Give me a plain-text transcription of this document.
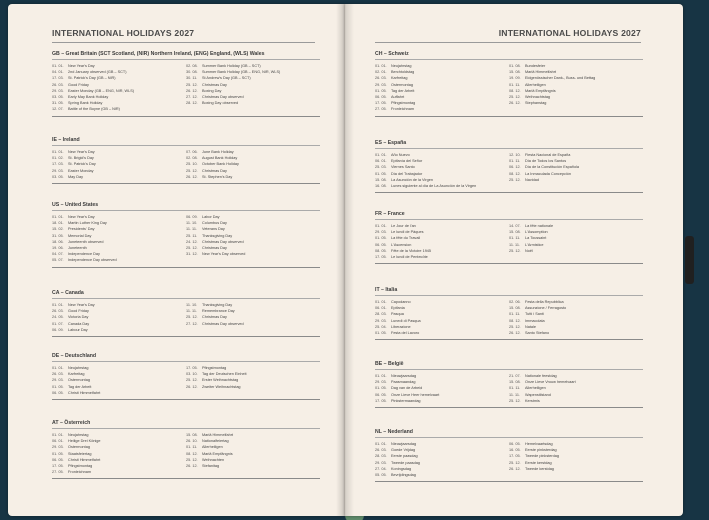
INTERNATIONAL HOLIDAYS 2027
GB – Great Britain (SCT Scotland, (NIR) Northern Ireland, (ENG) England, (WLS) Wales
01. 01.	New Year's Day
04. 01.	2nd January observed (GB – SCT)
17. 03.	St. Patrick's Day (GB – NIR)
26. 03.	Good Friday
29. 03.	Easter Monday (GB – ENG, NIR, WLS)
03. 05.	Early May Bank Holiday
31. 05.	Spring Bank Holiday
12. 07.	Battle of the Boyne (GB – NIR)
02. 08.	Summer Bank Holiday (GB – SCT)
30. 08.	Summer Bank Holiday (GB – ENG, NIR, WLS)
30. 11.	St Andrew's Day (GB – SCT)
25. 12.	Christmas Day
26. 12.	Boxing Day
27. 12.	Christmas Day observed
28. 12.	Boxing Day observed
IE – Ireland
01. 01.	New Year's Day
01. 02.	St. Brigid's Day
17. 03.	St. Patrick's Day
29. 03.	Easter Monday
03. 05.	May Day
07. 06.	June Bank Holiday
02. 08.	August Bank Holiday
25. 10.	October Bank Holiday
25. 12.	Christmas Day
26. 12.	St. Stephen's Day
US – United States
01. 01.	New Year's Day
18. 01.	Martin Luther King Day
15. 02.	Presidents' Day
31. 05.	Memorial Day
18. 06.	Juneteenth observed
19. 06.	Juneteenth
04. 07.	Independence Day
05. 07.	Independence Day observed
06. 09.	Labor Day
11. 10.	Columbus Day
11. 11.	Veterans Day
25. 11.	Thanksgiving Day
24. 12.	Christmas Day observed
25. 12.	Christmas Day
31. 12.	New Year's Day observed
CA – Canada
01. 01.	New Year's Day
26. 03.	Good Friday
24. 05.	Victoria Day
01. 07.	Canada Day
06. 09.	Labour Day
11. 10.	Thanksgiving Day
11. 11.	Remembrance Day
25. 12.	Christmas Day
27. 12.	Christmas Day observed
DE – Deutschland
01. 01.	Neujahrstag
26. 03.	Karfreitag
29. 03.	Ostermontag
01. 05.	Tag der Arbeit
06. 05.	Christi Himmelfahrt
17. 05.	Pfingstmontag
03. 10.	Tag der Deutschen Einheit
25. 12.	Erster Weihnachtstag
26. 12.	Zweiter Weihnachtstag
AT – Österreich
01. 01.	Neujahrstag
06. 01.	Heilige Drei Könige
29. 03.	Ostermontag
01. 05.	Staatsfeiertag
06. 05.	Christi Himmelfahrt
17. 05.	Pfingstmontag
27. 05.	Fronleichnam
15. 08.	Mariä Himmelfahrt
26. 10.	Nationalfeiertag
01. 11.	Allerheiligen
08. 12.	Mariä Empfängnis
25. 12.	Weihnachten
26. 12.	Stefanitag
INTERNATIONAL HOLIDAYS 2027
CH – Schweiz
01. 01.	Neujahrstag
02. 01.	Berchtoldstag
26. 03.	Karfreitag
29. 03.	Ostermontag
01. 05.	Tag der Arbeit
06. 05.	Auffahrt
17. 05.	Pfingstmontag
27. 05.	Fronleichnam
01. 08.	Bundesfeier
15. 08.	Mariä Himmelfahrt
19. 09.	Eidgenössischer Dank-, Buss- und Bettag
01. 11.	Allerheiligen
08. 12.	Mariä Empfängnis
25. 12.	Weihnachtstag
26. 12.	Stephanstag
ES – España
01. 01.	Año Nuevo
06. 01.	Epifanía del Señor
25. 03.	Viernes Santo
01. 05.	Día del Trabajador
15. 08.	La Asunción de la Virgen
16. 08.	Lunes siguiente al día de La Asunción de la Virgen
12. 10.	Fiesta Nacional de España
01. 11.	Día de Todos los Santos
06. 12.	Día de la Constitución Española
08. 12.	La Inmaculada Concepción
25. 12.	Navidad
FR – France
01. 01.	Le Jour de l'an
29. 03.	Le lundi de Pâques
01. 05.	La fête du Travail
06. 05.	L'Ascension
08. 05.	Fête de la Victoire 1945
17. 05.	Le lundi de Pentecôte
14. 07.	La fête nationale
15. 08.	L'Assomption
01. 11.	La Toussaint
11. 11.	L'Armistice
25. 12.	Noël
IT – Italia
01. 01.	Capodanno
06. 01.	Epifania
28. 03.	Pasqua
29. 03.	Lunedì di Pasqua
25. 04.	Liberazione
01. 05.	Festa del Lavoro
02. 06.	Festa della Repubblica
15. 08.	Assunzione / Ferragosto
01. 11.	Tutti i Santi
08. 12.	Immacolata
25. 12.	Natale
26. 12.	Santo Stefano
BE – België
01. 01.	Nieuwjaarsdag
29. 03.	Paasmaandag
01. 05.	Dag van de Arbeid
06. 05.	Onze Lieve Heer hemelvaart
17. 05.	Pinkstermaandag
21. 07.	Nationale feestdag
15. 08.	Onze Lieve Vrouw hemelvaart
01. 11.	Allerheiligen
11. 11.	Wapenstilstand
25. 12.	Kerstmis
NL – Nederland
01. 01.	Nieuwjaarsdag
26. 03.	Goede Vrijdag
28. 03.	Eerste paasdag
29. 03.	Tweede paasdag
27. 04.	Koningsdag
05. 05.	Bevrijdingsdag
06. 05.	Hemelvaartsdag
16. 05.	Eerste pinksterdag
17. 05.	Tweede pinksterdag
25. 12.	Eerste kerstdag
26. 12.	Tweede kerstdag
